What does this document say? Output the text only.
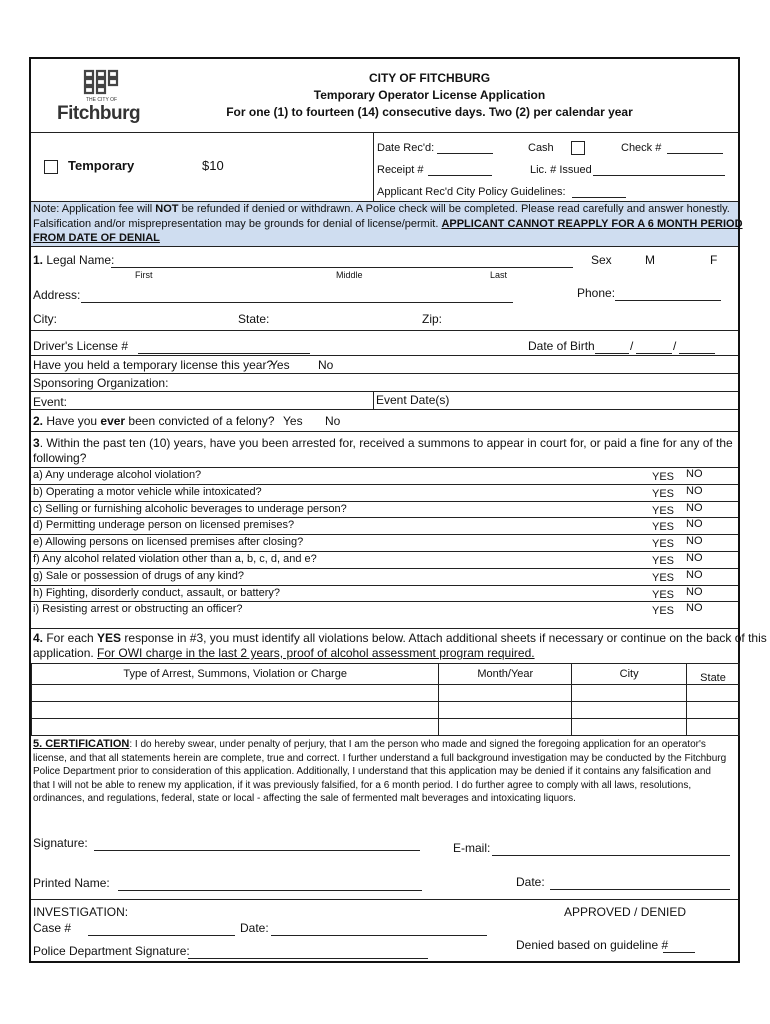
THE CITY OF
Fitchburg
CITY OF FITCHBURG
Temporary Operator License Application
For one (1) to fourteen (14) consecutive days. Two (2) per calendar year
Temporary	$10
Date Rec'd:	Cash	Check #
Receipt #	Lic. # Issued
Applicant Rec'd City Policy Guidelines:
Note: Application fee will NOT be refunded if denied or withdrawn. A Police check will be completed. Please read carefully and answer honestly.
Falsification and/or misprepresentation may be grounds for denial of license/permit. APPLICANT CANNOT REAPPLY FOR A 6 MONTH PERIOD
FROM DATE OF DENIAL
1. Legal Name:
First	Middle	Last
Sex	M	F
Address:	Phone:
City:	State:	Zip:
Driver's License #	Date of Birth	/	/
Have you held a temporary license this year?
Yes No
Sponsoring Organization:
Event:	Event Date(s)
2. Have you ever been convicted of a felony? Yes No
3. Within the past ten (10) years, have you been arrested for, received a summons to appear in court for, or paid a fine for any of the
following?
a) Any underage alcohol violation?	YES NO
b) Operating a motor vehicle while intoxicated?	YES NO
c) Selling or furnishing alcoholic beverages to underage person?	YES NO
d) Permitting underage person on licensed premises?	YES NO
e) Allowing persons on licensed premises after closing?	YES NO
f) Any alcohol related violation other than a, b, c, d, and e?	YES NO
g) Sale or possession of drugs of any kind?	YES NO
h) Fighting, disorderly conduct, assault, or battery?	YES NO
i) Resisting arrest or obstructing an officer?	YES NO
4. For each YES response in #3, you must identify all violations below. Attach additional sheets if necessary or continue on the back of this
application. For OWI charge in the last 2 years, proof of alcohol assessment program required.
Type of Arrest, Summons, Violation or Charge	Month/Year	City	State

5. CERTIFICATION: I do hereby swear, under penalty of perjury, that I am the person who made and signed the foregoing application for an operator's
license, and that all statements herein are complete, true and correct. I further understand a full background investigation may be conducted by the Fitchburg
Police Department prior to consideration of this application. Additionally, I understand that this application may be denied if it contains any falsification and
that I will not be able to renew my application, if it was previously falsified, for a 6 month period. I do further agree to comply with all laws, resolutions,
ordinances, and regulations, federal, state or local - affecting the sale of fermented malt beverages and intoxicating liquors.
Signature:	E-mail:
Printed Name:	Date:
INVESTIGATION:	APPROVED / DENIED
Case #	Date:
Denied based on guideline #
Police Department Signature:
